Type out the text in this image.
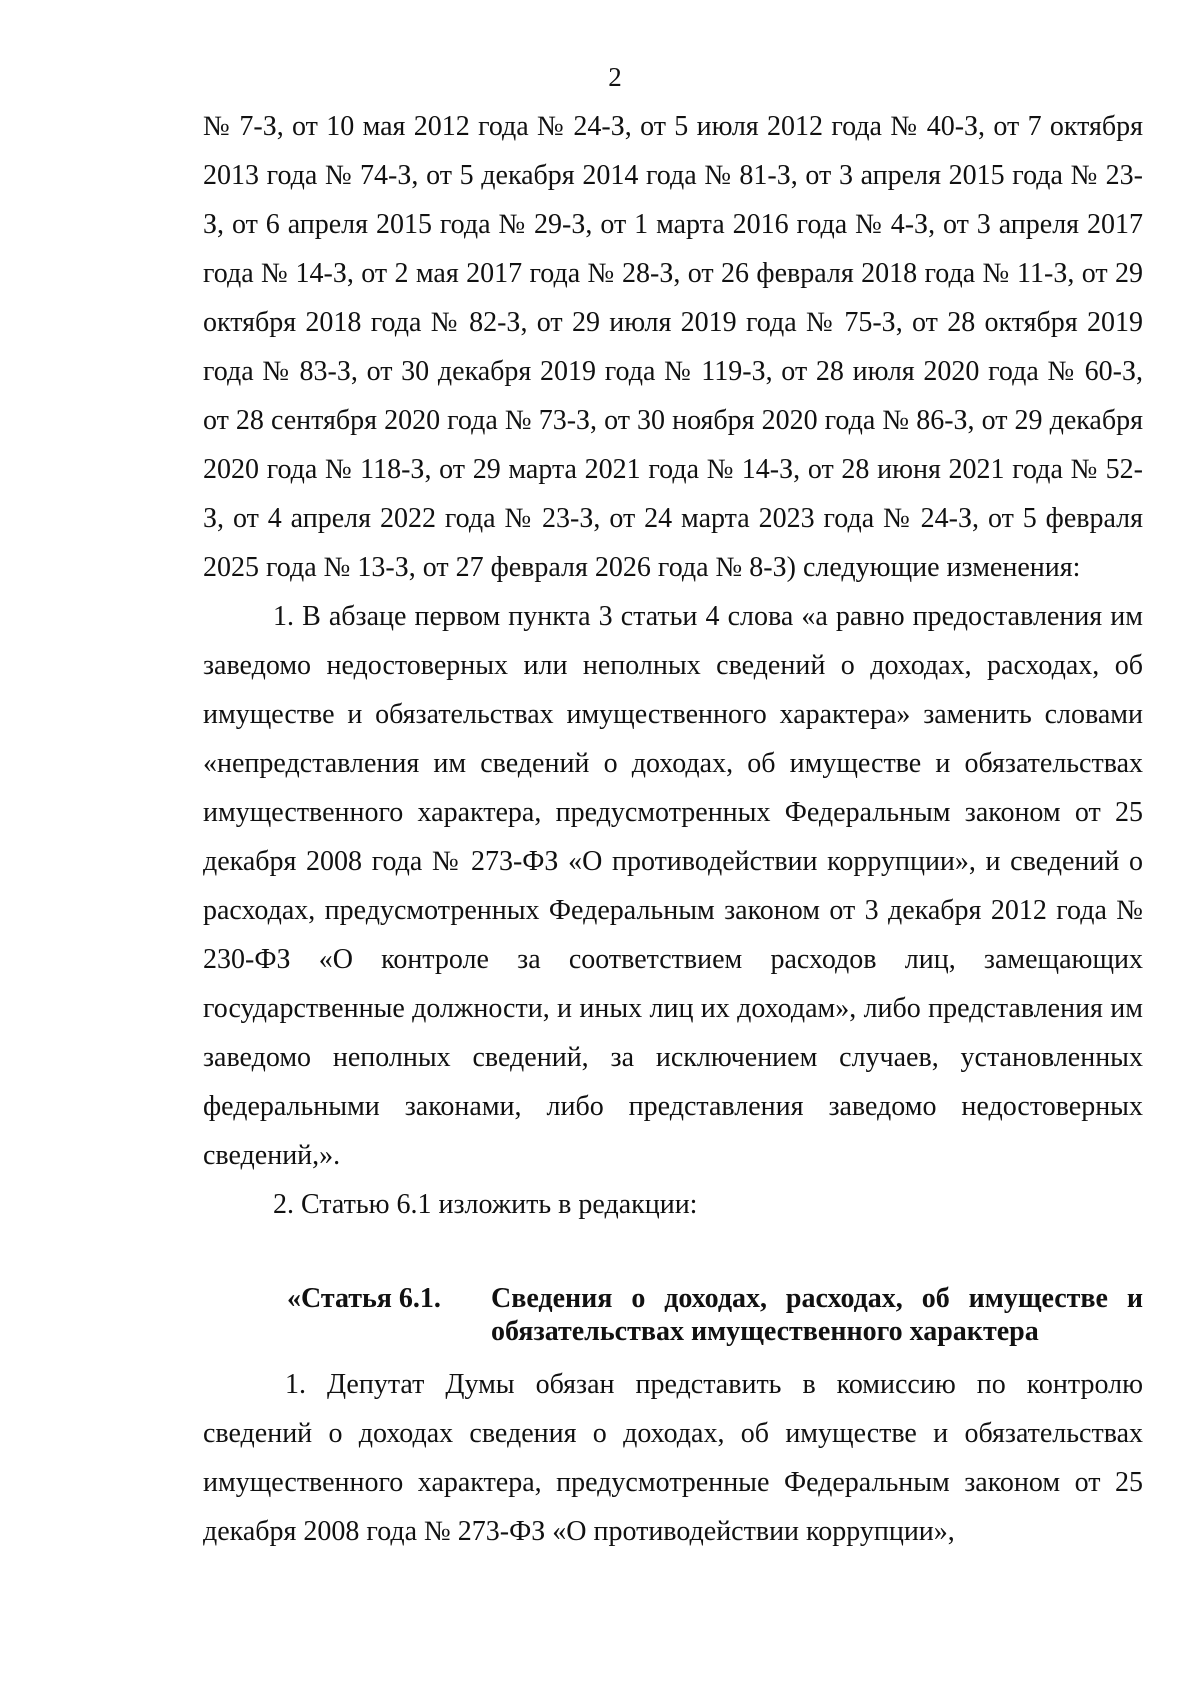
2

№ 7-З, от 10 мая 2012 года № 24-З, от 5 июля 2012 года № 40-З, от 7 октября 2013 года № 74-З, от 5 декабря 2014 года № 81-З, от 3 апреля 2015 года № 23-З, от 6 апреля 2015 года № 29-З, от 1 марта 2016 года № 4-З, от 3 апреля 2017 года № 14-З, от 2 мая 2017 года № 28-З, от 26 февраля 2018 года № 11-З, от 29 октября 2018 года № 82-З, от 29 июля 2019 года № 75-З, от 28 октября 2019 года № 83-З, от 30 декабря 2019 года № 119-З, от 28 июля 2020 года № 60-З, от 28 сентября 2020 года № 73-З, от 30 ноября 2020 года № 86-З, от 29 декабря 2020 года № 118-З, от 29 марта 2021 года № 14-З, от 28 июня 2021 года № 52-З, от 4 апреля 2022 года № 23-З, от 24 марта 2023 года № 24-З, от 5 февраля 2025 года № 13-З, от 27 февраля 2026 года № 8-З) следующие изменения:

1. В абзаце первом пункта 3 статьи 4 слова «а равно предоставления им заведомо недостоверных или неполных сведений о доходах, расходах, об имуществе и обязательствах имущественного характера» заменить словами «непредставления им сведений о доходах, об имуществе и обязательствах имущественного характера, предусмотренных Федеральным законом от 25 декабря 2008 года № 273-ФЗ «О противодействии коррупции», и сведений о расходах, предусмотренных Федеральным законом от 3 декабря 2012 года № 230-ФЗ «О контроле за соответствием расходов лиц, замещающих государственные должности, и иных лиц их доходам», либо представления им заведомо неполных сведений, за исключением случаев, установленных федеральными законами, либо представления заведомо недостоверных сведений,».

2. Статью 6.1 изложить в редакции:

«Статья 6.1. Сведения о доходах, расходах, об имуществе и обязательствах имущественного характера

1. Депутат Думы обязан представить в комиссию по контролю сведений о доходах сведения о доходах, об имуществе и обязательствах имущественного характера, предусмотренные Федеральным законом от 25 декабря 2008 года № 273-ФЗ «О противодействии коррупции»,
